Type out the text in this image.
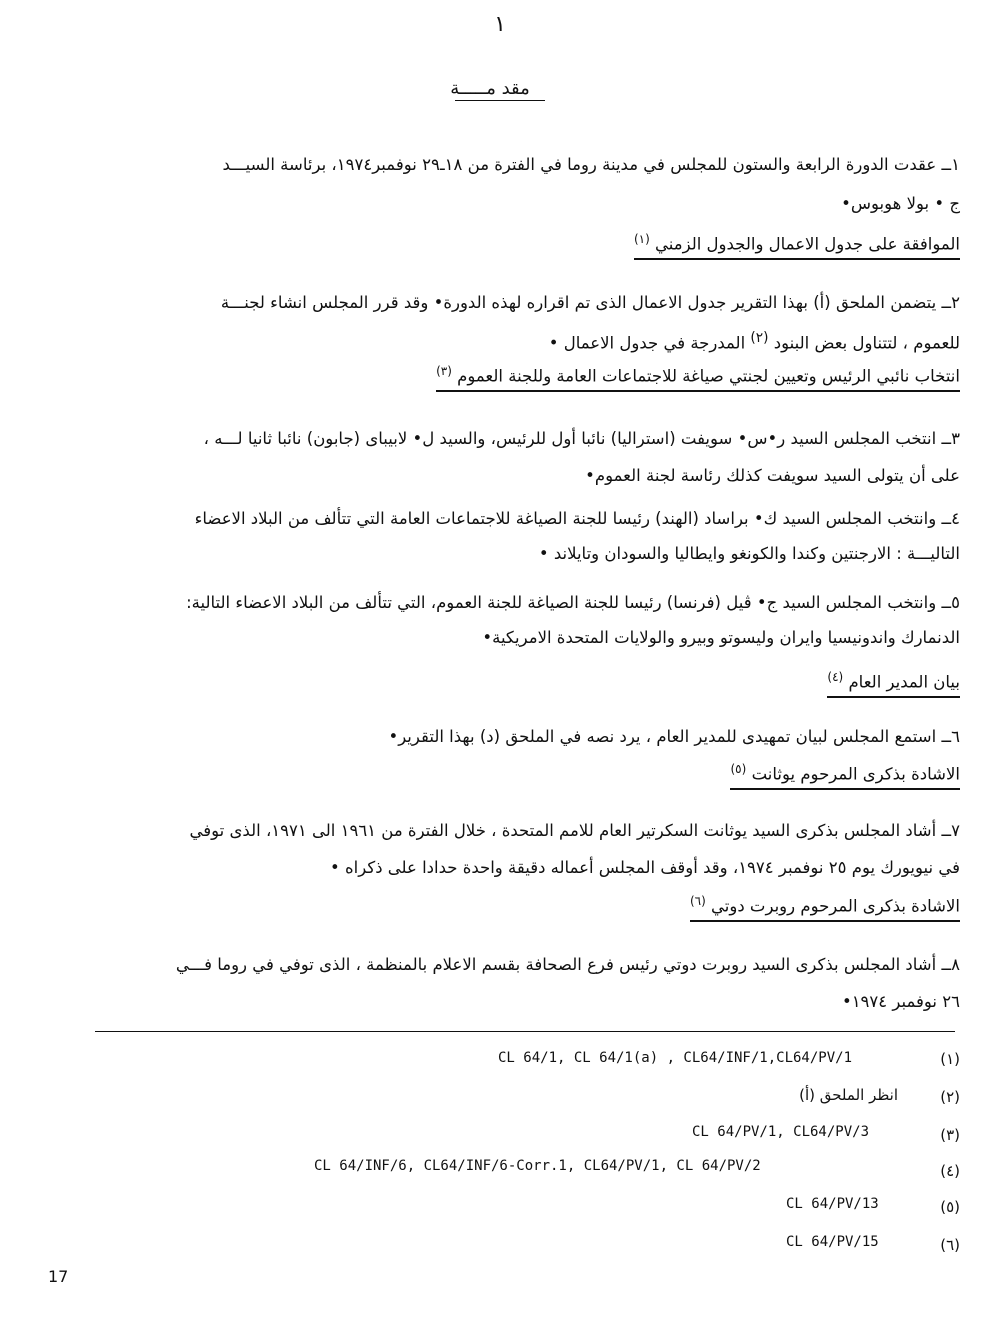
١
مقد مـــــة
١ــ عقدت الدورة الرابعة والستون للمجلس في مدينة روما في الفترة من ١٨ـ٢٩ نوفمبر١٩٧٤، برئاسة السيـــد
ج • بولا هوبوس•
الموافقة على جدول الاعمال والجدول الزمني $^{(١)}$
٢ــ يتضمن الملحق (أ) بهذا التقرير جدول الاعمال الذى تم اقراره لهذه الدورة• وقد قرر المجلس انشاء لجنـــة
للعموم ، لتتناول بعض البنود $^{(٢)}$ المدرجة في جدول الاعمال •
انتخاب نائبي الرئيس وتعيين لجنتي صياغة للاجتماعات العامة وللجنة العموم $^{(٣)}$
٣ــ انتخب المجلس السيد ر•س• سويفت (استراليا) نائبا أول للرئيس، والسيد ل• لابيباى (جابون) نائبا ثانيا لـــه ،
على أن يتولى السيد سويفت كذلك رئاسة لجنة العموم•
٤ــ وانتخب المجلس السيد ك• براساد (الهند) رئيسا للجنة الصياغة للاجتماعات العامة التي تتألف من البلاد الاعضاء
التاليـــة : الارجنتين وكندا والكونغو وايطاليا والسودان وتايلاند •
٥ــ وانتخب المجلس السيد ج• ڤيل (فرنسا) رئيسا للجنة الصياغة للجنة العموم، التي تتألف من البلاد الاعضاء التالية:
الدنمارك واندونيسيا وايران وليسوتو وبيرو والولايات المتحدة الامريكية•
بيان المدير العام $^{(٤)}$
٦ــ استمع المجلس لبيان تمهيدى للمدير العام ، يرد نصه في الملحق (د) بهذا التقرير•
الاشادة بذكرى المرحوم يوثانت $^{(٥)}$
٧ــ أشاد المجلس بذكرى السيد يوثانت السكرتير العام للامم المتحدة ، خلال الفترة من ١٩٦١ الى ١٩٧١، الذى توفي
في نيويورك يوم ٢٥ نوفمبر ١٩٧٤، وقد أوقف المجلس أعماله دقيقة واحدة حدادا على ذكراه •
الاشادة بذكرى المرحوم روبرت دوتي $^{(٦)}$
٨ــ أشاد المجلس بذكرى السيد روبرت دوتي رئيس فرع الصحافة بقسم الاعلام بالمنظمة ، الذى توفي في روما فـــي
٢٦ نوفمبر ١٩٧٤•
(١)
CL 64/1, CL 64/1(a) , CL64/INF/1,CL64/PV/1
(٢)
انظر الملحق (أ)
(٣)
CL 64/PV/1, CL64/PV/3
(٤)
CL 64/INF/6, CL64/INF/6-Corr.1, CL64/PV/1, CL 64/PV/2
(٥)
CL 64/PV/13
(٦)
CL 64/PV/15
17
